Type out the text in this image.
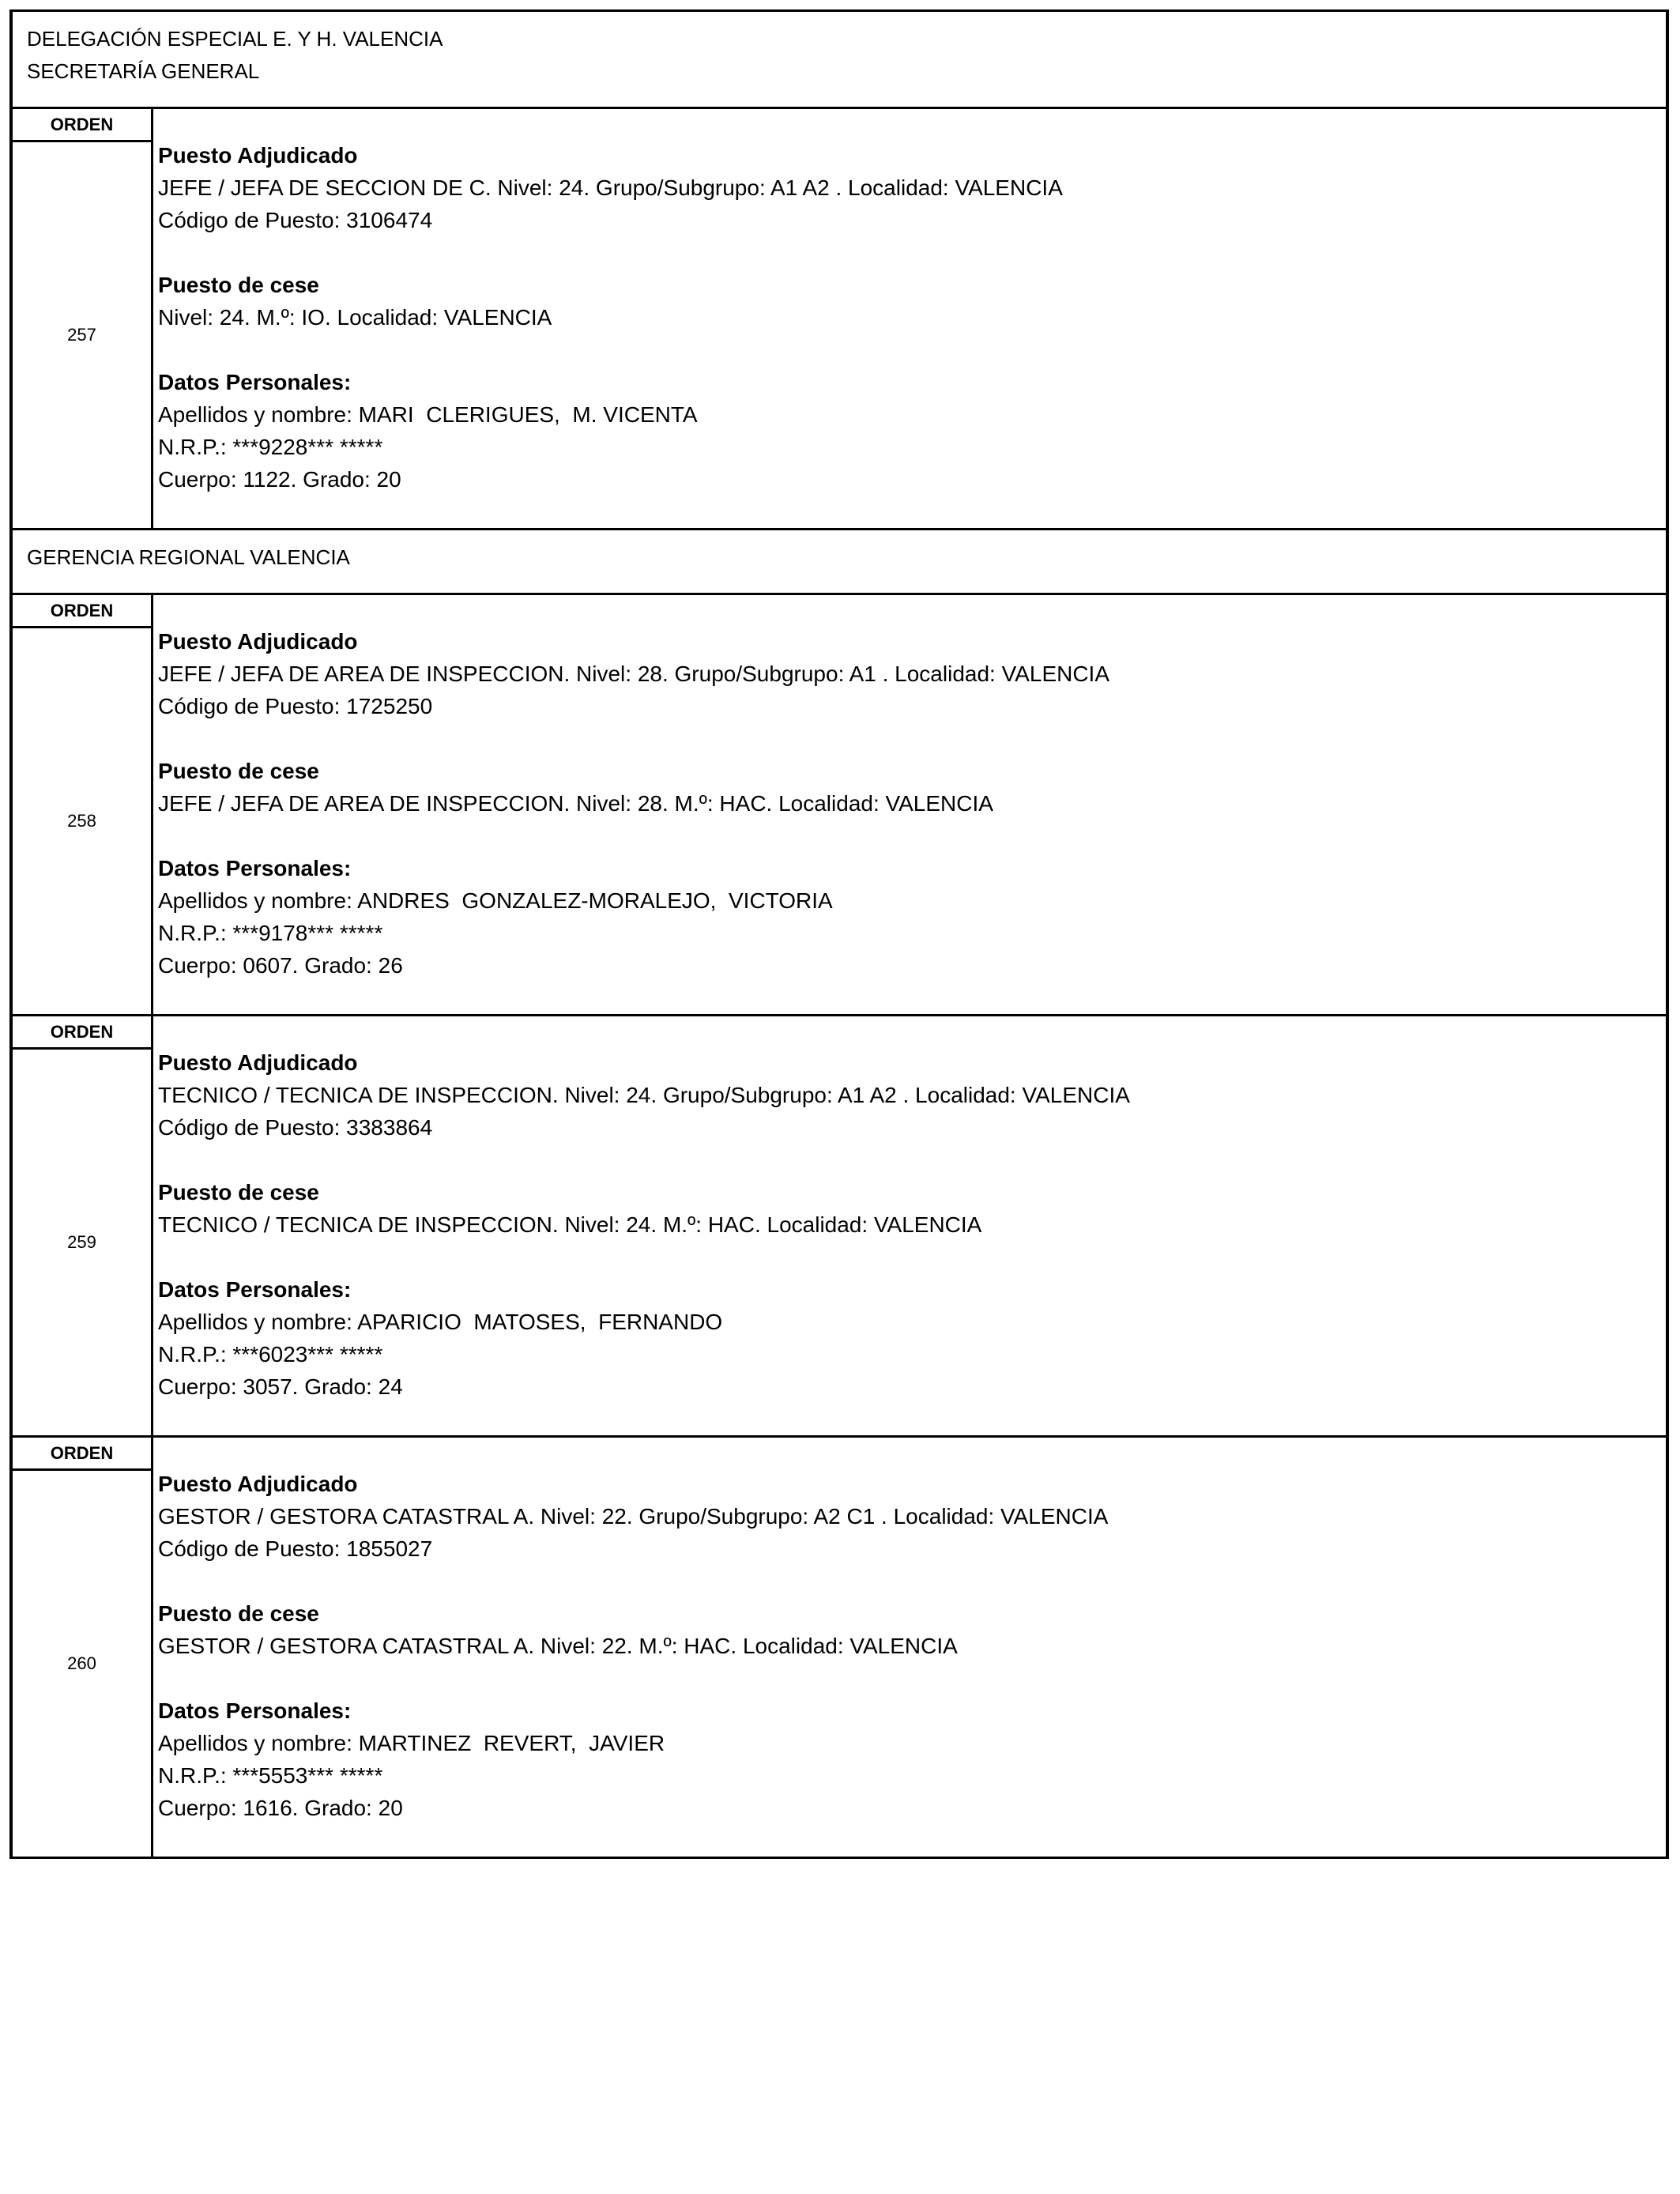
DELEGACIÓN ESPECIAL E. Y H. VALENCIA
SECRETARÍA GENERAL
ORDEN
257
Puesto Adjudicado
JEFE / JEFA DE SECCION DE C. Nivel: 24. Grupo/Subgrupo: A1 A2 . Localidad: VALENCIA
Código de Puesto: 3106474
Puesto de cese
Nivel: 24. M.º: IO. Localidad: VALENCIA
Datos Personales:
Apellidos y nombre: MARI  CLERIGUES,  M. VICENTA
N.R.P.: ***9228*** *****
Cuerpo: 1122. Grado: 20
GERENCIA REGIONAL VALENCIA
ORDEN
258
Puesto Adjudicado
JEFE / JEFA DE AREA DE INSPECCION. Nivel: 28. Grupo/Subgrupo: A1 . Localidad: VALENCIA
Código de Puesto: 1725250
Puesto de cese
JEFE / JEFA DE AREA DE INSPECCION. Nivel: 28. M.º: HAC. Localidad: VALENCIA
Datos Personales:
Apellidos y nombre: ANDRES  GONZALEZ-MORALEJO,  VICTORIA
N.R.P.: ***9178*** *****
Cuerpo: 0607. Grado: 26
ORDEN
259
Puesto Adjudicado
TECNICO / TECNICA DE INSPECCION. Nivel: 24. Grupo/Subgrupo: A1 A2 . Localidad: VALENCIA
Código de Puesto: 3383864
Puesto de cese
TECNICO / TECNICA DE INSPECCION. Nivel: 24. M.º: HAC. Localidad: VALENCIA
Datos Personales:
Apellidos y nombre: APARICIO  MATOSES,  FERNANDO
N.R.P.: ***6023*** *****
Cuerpo: 3057. Grado: 24
ORDEN
260
Puesto Adjudicado
GESTOR / GESTORA CATASTRAL A. Nivel: 22. Grupo/Subgrupo: A2 C1 . Localidad: VALENCIA
Código de Puesto: 1855027
Puesto de cese
GESTOR / GESTORA CATASTRAL A. Nivel: 22. M.º: HAC. Localidad: VALENCIA
Datos Personales:
Apellidos y nombre: MARTINEZ  REVERT,  JAVIER
N.R.P.: ***5553*** *****
Cuerpo: 1616. Grado: 20
